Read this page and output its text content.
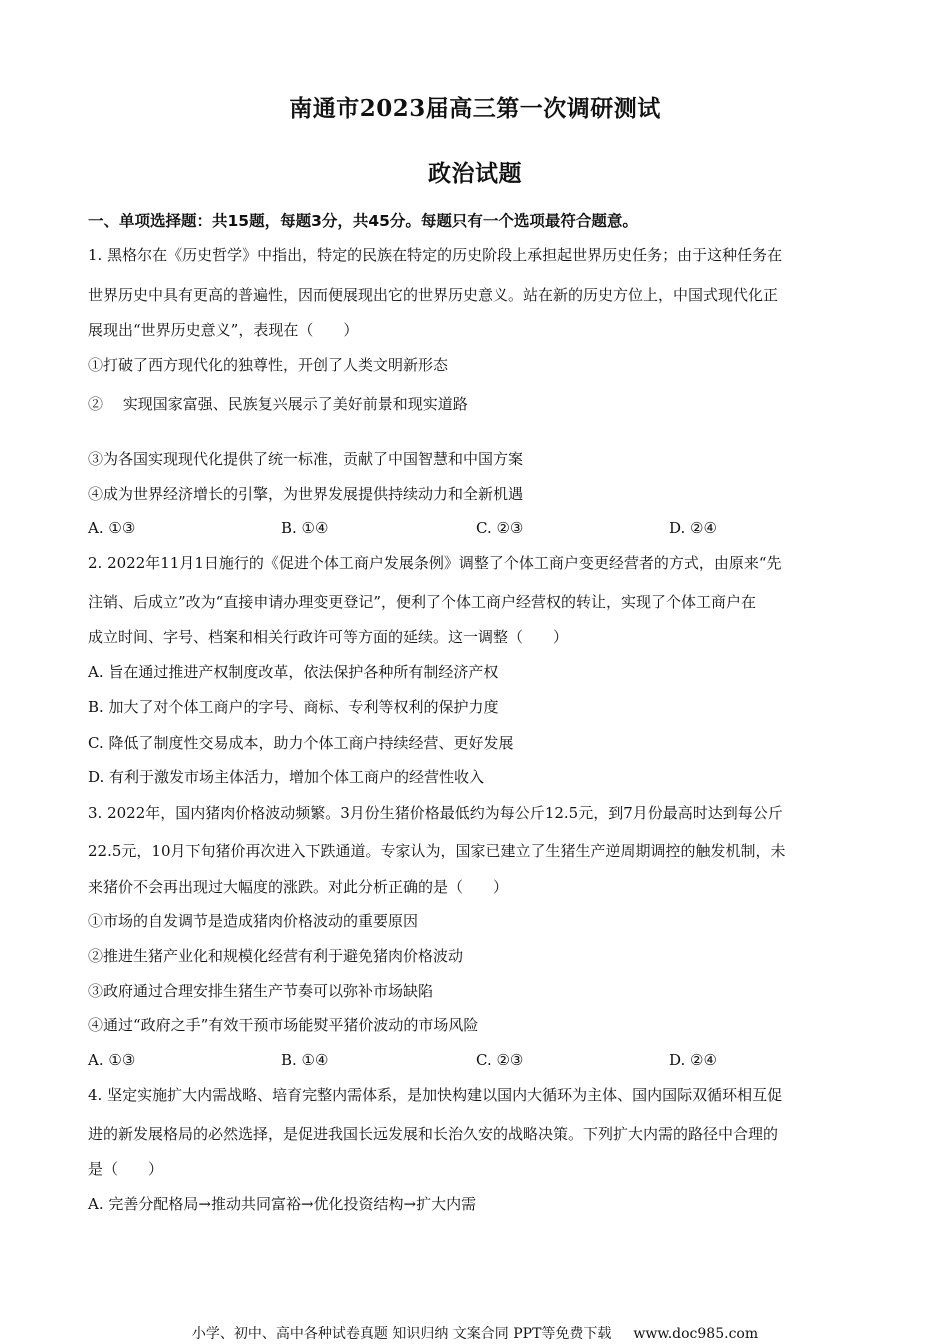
南通市2023届高三第一次调研测试
政治试题
一、单项选择题：共15题，每题3分，共45分。每题只有一个选项最符合题意。
1. 黑格尔在《历史哲学》中指出，特定的民族在特定的历史阶段上承担起世界历史任务；由于这种任务在
世界历史中具有更高的普遍性，因而便展现出它的世界历史意义。站在新的历史方位上，中国式现代化正
展现出“世界历史意义”，表现在（　　）
①打破了西方现代化的独尊性，开创了人类文明新形态
②　 实现国家富强、民族复兴展示了美好前景和现实道路
③为各国实现现代化提供了统一标准，贡献了中国智慧和中国方案
④成为世界经济增长的引擎，为世界发展提供持续动力和全新机遇
A. ①③	B. ①④	C. ②③	D. ②④
2. 2022年11月1日施行的《促进个体工商户发展条例》调整了个体工商户变更经营者的方式，由原来“先
注销、后成立”改为“直接申请办理变更登记”，便利了个体工商户经营权的转让，实现了个体工商户在
成立时间、字号、档案和相关行政许可等方面的延续。这一调整（　　）
A. 旨在通过推进产权制度改革，依法保护各种所有制经济产权
B. 加大了对个体工商户的字号、商标、专利等权利的保护力度
C. 降低了制度性交易成本，助力个体工商户持续经营、更好发展
D. 有利于激发市场主体活力，增加个体工商户的经营性收入
3. 2022年，国内猪肉价格波动频繁。3月份生猪价格最低约为每公斤12.5元，到7月份最高时达到每公斤
22.5元，10月下旬猪价再次进入下跌通道。专家认为，国家已建立了生猪生产逆周期调控的触发机制，未
来猪价不会再出现过大幅度的涨跌。对此分析正确的是（　　）
①市场的自发调节是造成猪肉价格波动的重要原因
②推进生猪产业化和规模化经营有利于避免猪肉价格波动
③政府通过合理安排生猪生产节奏可以弥补市场缺陷
④通过“政府之手”有效干预市场能熨平猪价波动的市场风险
A. ①③	B. ①④	C. ②③	D. ②④
4. 坚定实施扩大内需战略、培育完整内需体系，是加快构建以国内大循环为主体、国内国际双循环相互促
进的新发展格局的必然选择，是促进我国长远发展和长治久安的战略决策。下列扩大内需的路径中合理的
是（　　）
A. 完善分配格局→推动共同富裕→优化投资结构→扩大内需
小学、初中、高中各种试卷真题 知识归纳 文案合同 PPT等免费下载 www.doc985.com
